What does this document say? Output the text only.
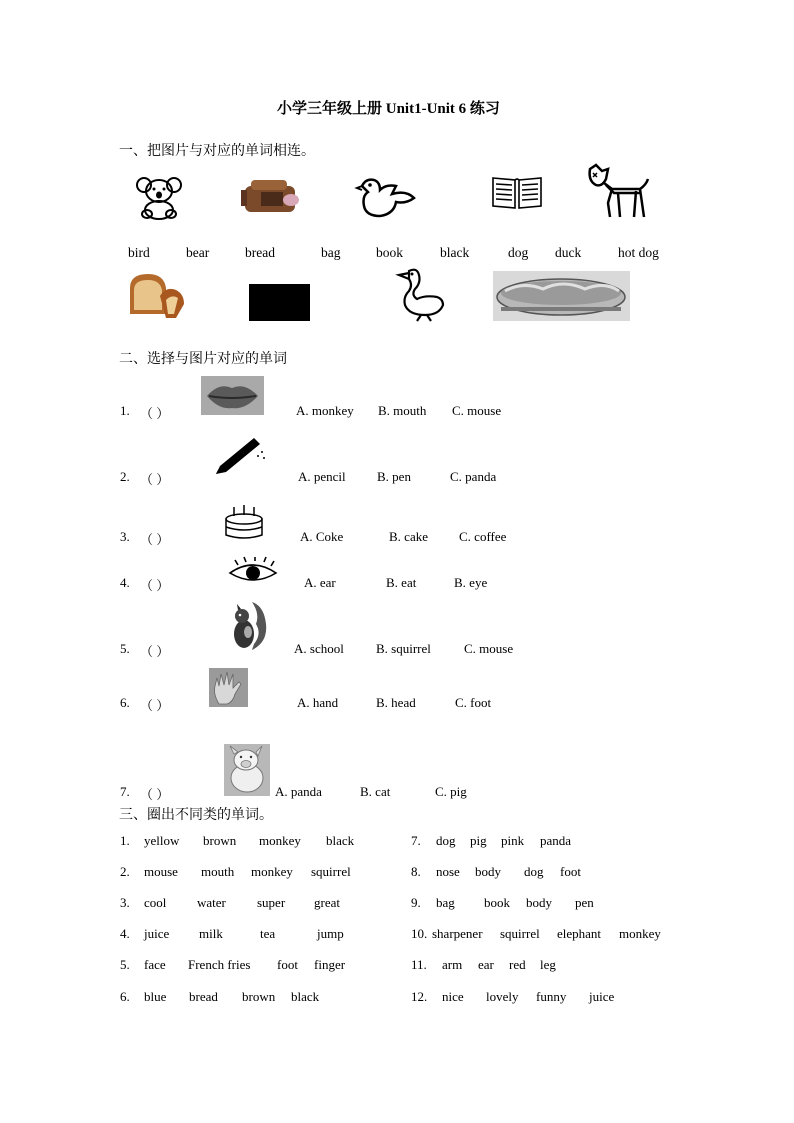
小学三年级上册 Unit1-Unit 6 练习
一、把图片与对应的单词相连。
bird	bear	bread	bag	book	black	dog duck	hot dog
二、选择与图片对应的单词
1. （ ）	A. monkey B. mouth C. mouse
2. （ ）	A. pencil B. pen	C. panda
3. （ ）	A. Coke	B. cake C. coffee
4. （ ）	A. ear	B. eat	B. eye
5. （ ）	A. school B. squirrel	C. mouse
6. （ ）	A. hand	B. head	C. foot
7. （ ）	A. panda	B. cat	C. pig
三、圈出不同类的单词。
1. yellow brown monkey black
2. mouse mouth monkey squirrel
3. cool water super great
4. juice milk	tea	jump
5. face French fries foot finger
6. blue bread brown black
7. dog pig pink panda
8. nose body dog foot
9. bag book body pen
10. sharpener squirrel elephant monkey
11. arm ear red leg
12. nice lovely funny juice
